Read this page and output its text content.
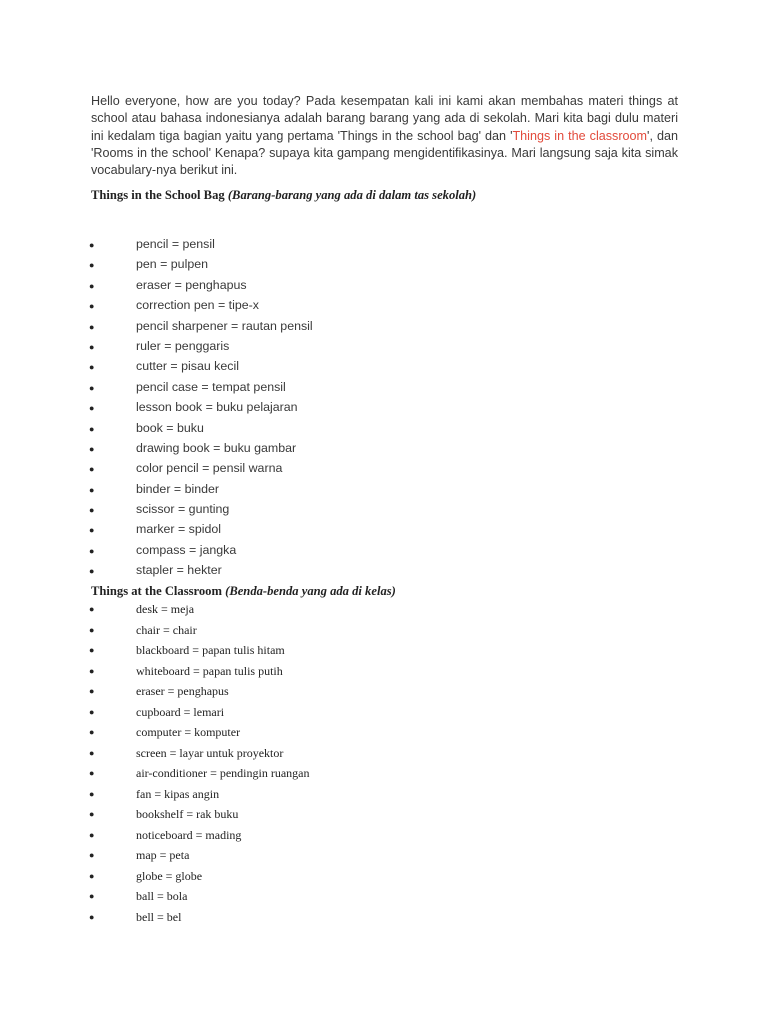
Hello everyone, how are you today? Pada kesempatan kali ini kami akan membahas materi things at school atau bahasa indonesianya adalah barang barang yang ada di sekolah. Mari kita bagi dulu materi ini kedalam tiga bagian yaitu yang pertama 'Things in the school bag' dan 'Things in the classroom', dan 'Rooms in the school' Kenapa? supaya kita gampang mengidentifikasinya. Mari langsung saja kita simak vocabulary-nya berikut ini.

Things in the School Bag (Barang-barang yang ada di dalam tas sekolah)

●	pencil = pensil
●	pen = pulpen
●	eraser = penghapus
●	correction pen = tipe-x
●	pencil sharpener = rautan pensil
●	ruler = penggaris
●	cutter = pisau kecil
●	pencil case = tempat pensil
●	lesson book = buku pelajaran
●	book = buku
●	drawing book = buku gambar
●	color pencil = pensil warna
●	binder = binder
●	scissor = gunting
●	marker = spidol
●	compass = jangka
●	stapler = hekter

Things at the Classroom (Benda-benda yang ada di kelas)

●	desk = meja
●	chair = chair
●	blackboard = papan tulis hitam
●	whiteboard = papan tulis putih
●	eraser = penghapus
●	cupboard = lemari
●	computer = komputer
●	screen = layar untuk proyektor
●	air-conditioner = pendingin ruangan
●	fan = kipas angin
●	bookshelf = rak buku
●	noticeboard = mading
●	map = peta
●	globe = globe
●	ball = bola
●	bell = bel
